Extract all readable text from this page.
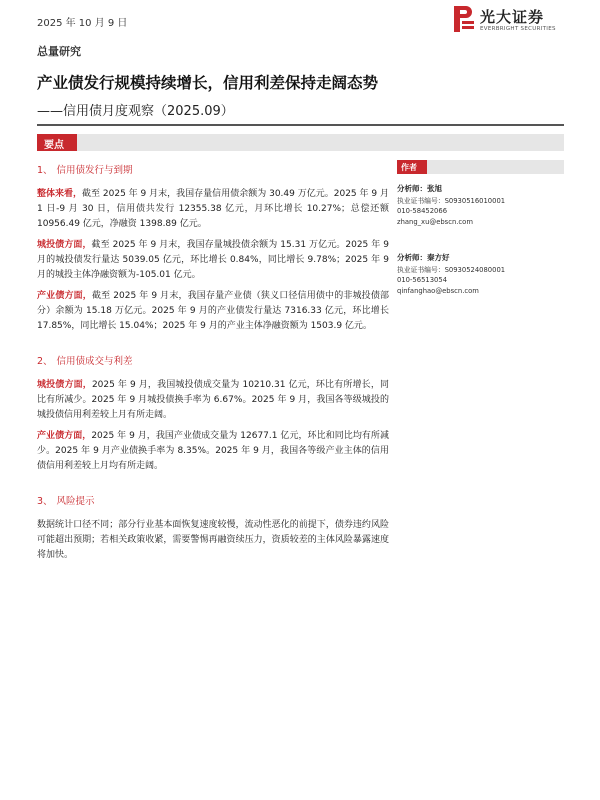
2025 年 10 月 9 日	光大证券
EVERBRIGHT SECURITIES
总量研究
产业债发行规模持续增长，信用利差保持走阔态势
——信用债月度观察（2025.09）
要点
1、 信用债发行与到期

整体来看，截至 2025 年 9 月末，我国存量信用债余额为 30.49 万亿元。2025 年 9 月 1 日-9 月 30 日，信用债共发行 12355.38 亿元，月环比增长 10.27%；总偿还额 10956.49 亿元，净融资 1398.89 亿元。

城投债方面，截至 2025 年 9 月末，我国存量城投债余额为 15.31 万亿元。2025 年 9 月的城投债发行量达 5039.05 亿元，环比增长 0.84%，同比增长 9.78%；2025 年 9 月的城投主体净融资额为-105.01 亿元。

产业债方面，截至 2025 年 9 月末，我国存量产业债（狭义口径信用债中的非城投债部分）余额为 15.18 万亿元。2025 年 9 月的产业债发行量达 7316.33 亿元，环比增长 17.85%，同比增长 15.04%；2025 年 9 月的产业主体净融资额为 1503.9 亿元。

2、 信用债成交与利差

城投债方面，2025 年 9 月，我国城投债成交量为 10210.31 亿元，环比有所增长，同比有所减少。2025 年 9 月城投债换手率为 6.67%。2025 年 9 月，我国各等级城投的城投债信用利差较上月有所走阔。

产业债方面，2025 年 9 月，我国产业债成交量为 12677.1 亿元，环比和同比均有所减少。2025 年 9 月产业债换手率为 8.35%。2025 年 9 月，我国各等级产业主体的信用债信用利差较上月均有所走阔。

3、 风险提示

数据统计口径不同；部分行业基本面恢复速度较慢，流动性恶化的前提下，债券违约风险可能超出预期；若相关政策收紧，需要警惕再融资续压力，资质较差的主体风险暴露速度将加快。

作者
分析师：张旭
执业证书编号：S0930516010001
010-58452066
zhang_xu@ebscn.com
分析师：秦方好
执业证书编号：S0930524080001
010-56513054
qinfanghao@ebscn.com
